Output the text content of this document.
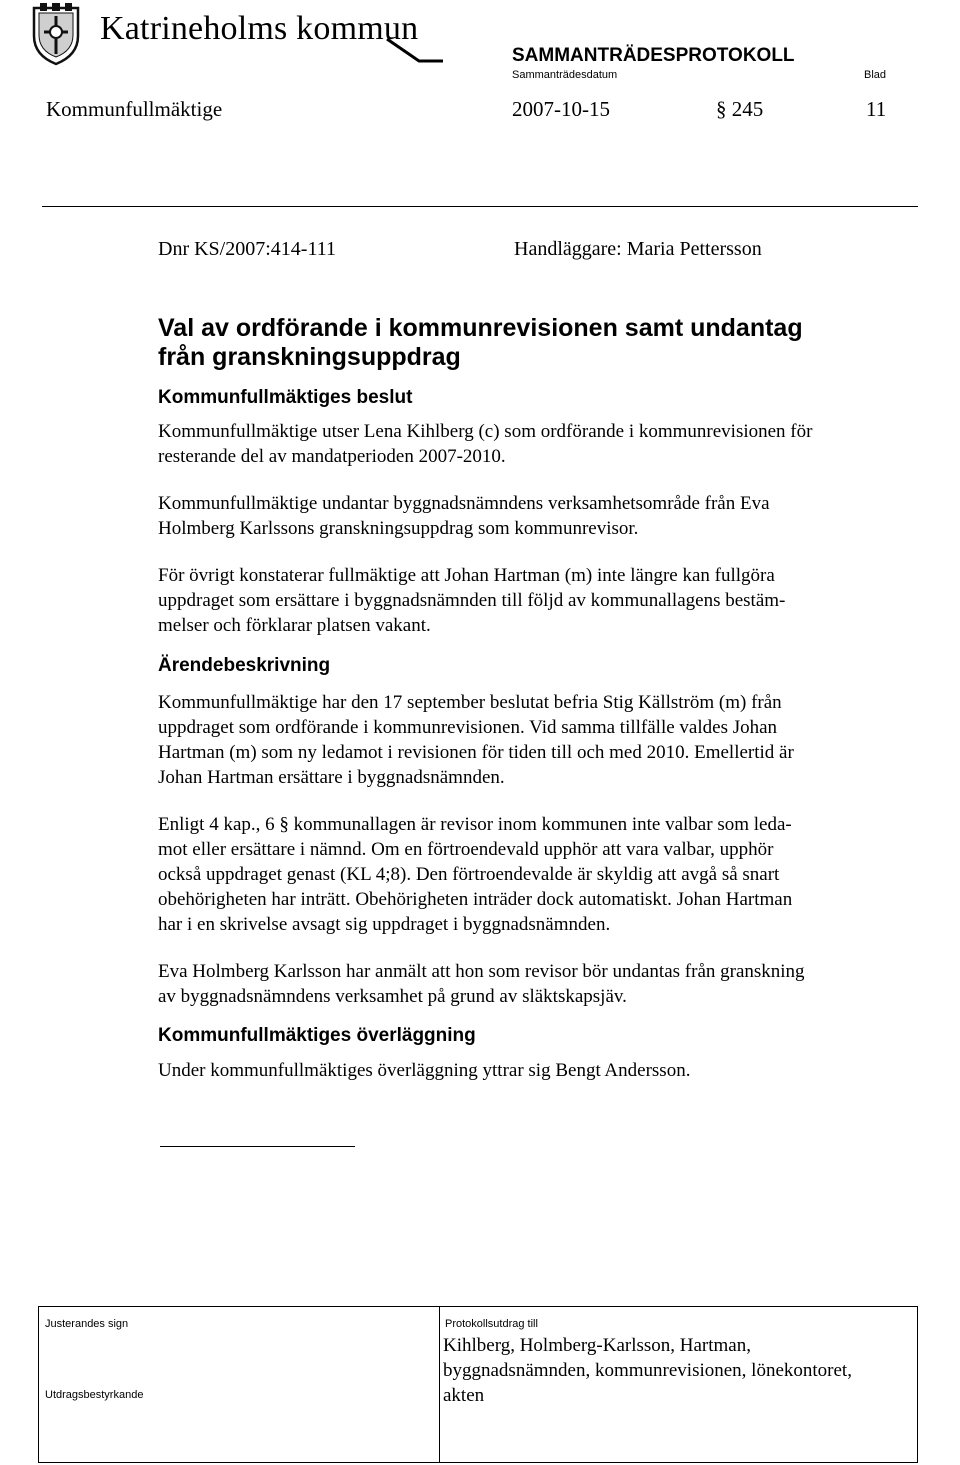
Katrineholms kommun
SAMMANTRÄDESPROTOKOLL
Sammanträdesdatum	Blad
Kommunfullmäktige	2007-10-15	§ 245	11
Dnr KS/2007:414-111	Handläggare: Maria Pettersson
Val av ordförande i kommunrevisionen samt undantag
från granskningsuppdrag
Kommunfullmäktiges beslut

Kommunfullmäktige utser Lena Kihlberg (c) som ordförande i kommunrevisionen för

resterande del av mandatperioden 2007-2010.

Kommunfullmäktige undantar byggnadsnämndens verksamhetsområde från Eva

Holmberg Karlssons granskningsuppdrag som kommunrevisor.

För övrigt konstaterar fullmäktige att Johan Hartman (m) inte längre kan fullgöra

uppdraget som ersättare i byggnadsnämnden till följd av kommunallagens bestäm-

melser och förklarar platsen vakant.

Ärendebeskrivning

Kommunfullmäktige har den 17 september beslutat befria Stig Källström (m) från

uppdraget som ordförande i kommunrevisionen. Vid samma tillfälle valdes Johan

Hartman (m) som ny ledamot i revisionen för tiden till och med 2010. Emellertid är

Johan Hartman ersättare i byggnadsnämnden.

Enligt 4 kap., 6 § kommunallagen är revisor inom kommunen inte valbar som leda-

mot eller ersättare i nämnd. Om en förtroendevald upphör att vara valbar, upphör

också uppdraget genast (KL 4;8). Den förtroendevalde är skyldig att avgå så snart

obehörigheten har inträtt. Obehörigheten inträder dock automatiskt. Johan Hartman

har i en skrivelse avsagt sig uppdraget i byggnadsnämnden.

Eva Holmberg Karlsson har anmält att hon som revisor bör undantas från granskning

av byggnadsnämndens verksamhet på grund av släktskapsjäv.

Kommunfullmäktiges överläggning

Under kommunfullmäktiges överläggning yttrar sig Bengt Andersson.

Justerandes sign
Utdragsbestyrkande
Protokollsutdrag till
Kihlberg, Holmberg-Karlsson, Hartman,
byggnadsnämnden, kommunrevisionen, lönekontoret,
akten
